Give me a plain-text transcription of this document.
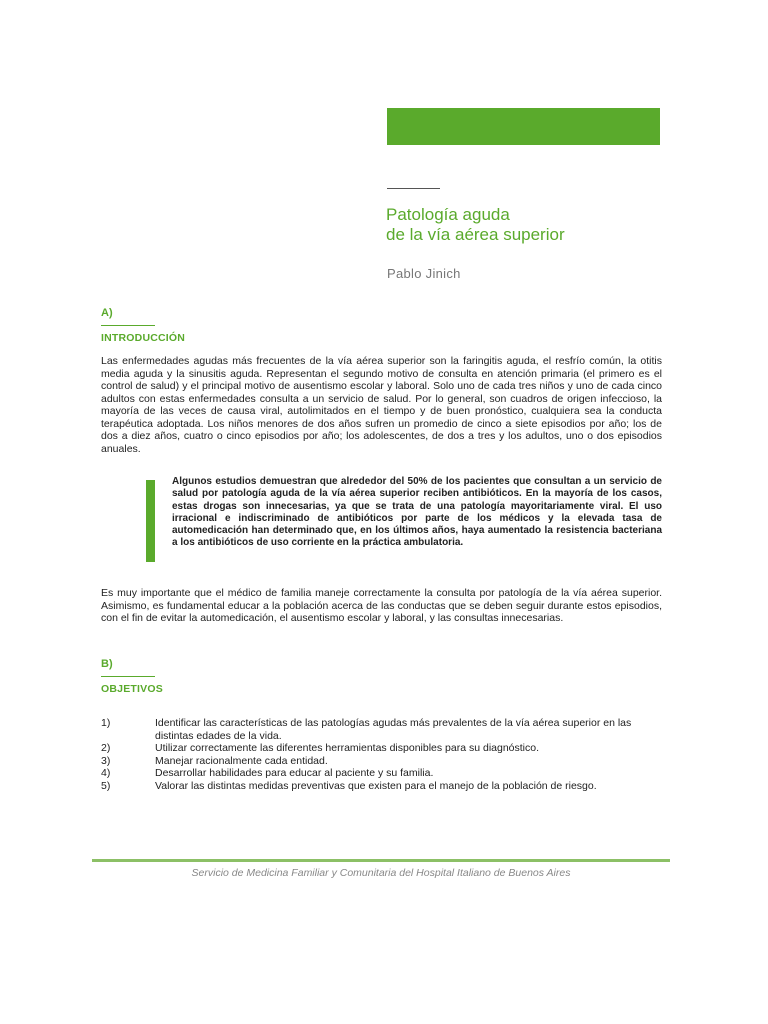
Patología aguda
de la vía aérea superior
Pablo Jinich
A)
INTRODUCCIÓN
Las enfermedades agudas más frecuentes de la vía aérea superior son la faringitis aguda, el resfrío común, la otitis media aguda y la sinusitis aguda. Representan el segundo motivo de consulta en atención primaria (el primero es el control de salud) y el principal motivo de ausentismo escolar y laboral. Solo uno de cada tres niños y uno de cada cinco adultos con estas enfermedades consulta a un servicio de salud. Por lo general, son cuadros de origen infeccioso, la mayoría de las veces de causa viral, autolimitados en el tiempo y de buen pronóstico, cualquiera sea la conducta terapéutica adoptada. Los niños menores de dos años sufren un promedio de cinco a siete episodios por año; los de dos a diez años, cuatro o cinco episodios por año; los adolescentes, de dos a tres y los adultos, uno o dos episodios anuales.
Algunos estudios demuestran que alrededor del 50% de los pacientes que consultan a un servicio de salud por patología aguda de la vía aérea superior reciben antibióticos. En la mayoría de los casos, estas drogas son innecesarias, ya que se trata de una patología mayoritariamente viral. El uso irracional e indiscriminado de antibióticos por parte de los médicos y la elevada tasa de automedicación han determinado que, en los últimos años, haya aumentado la resistencia bacteriana a los antibióticos de uso corriente en la práctica ambulatoria.
Es muy importante que el médico de familia maneje correctamente la consulta por patología de la vía aérea superior. Asimismo, es fundamental educar a la población acerca de las conductas que se deben seguir durante estos episodios, con el fin de evitar la automedicación, el ausentismo escolar y laboral, y las consultas innecesarias.
B)
OBJETIVOS
1)	Identificar las características de las patologías agudas más prevalentes de la vía aérea superior en las distintas edades de la vida.
2)	Utilizar correctamente las diferentes herramientas disponibles para su diagnóstico.
3)	Manejar racionalmente cada entidad.
4)	Desarrollar habilidades para educar al paciente y su familia.
5)	Valorar las distintas medidas preventivas que existen para el manejo de la población de riesgo.
Servicio de Medicina Familiar y Comunitaria del Hospital Italiano de Buenos Aires
